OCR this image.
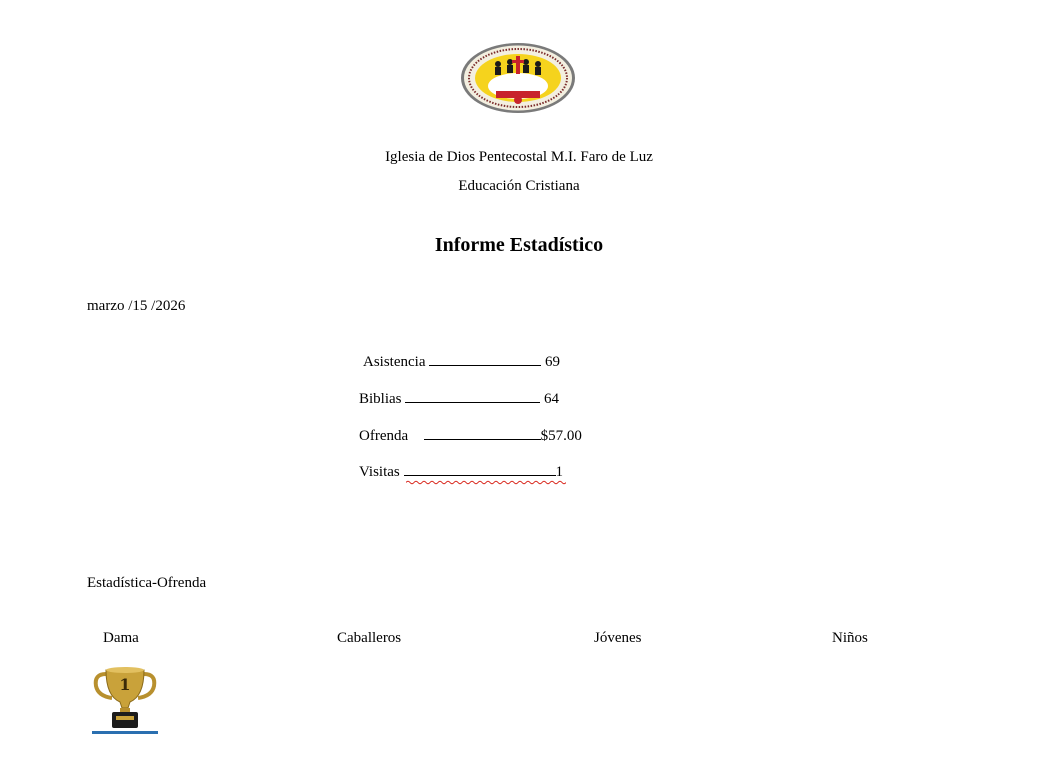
Iglesia de Dios Pentecostal M.I. Faro de Luz
Educación Cristiana
Informe Estadístico
marzo /15 /2026
Asistencia	69
Biblias	64
Ofrenda	$57.00
Visitas	1
Estadística-Ofrenda
Dama	Caballeros	Jóvenes	Niños
1
